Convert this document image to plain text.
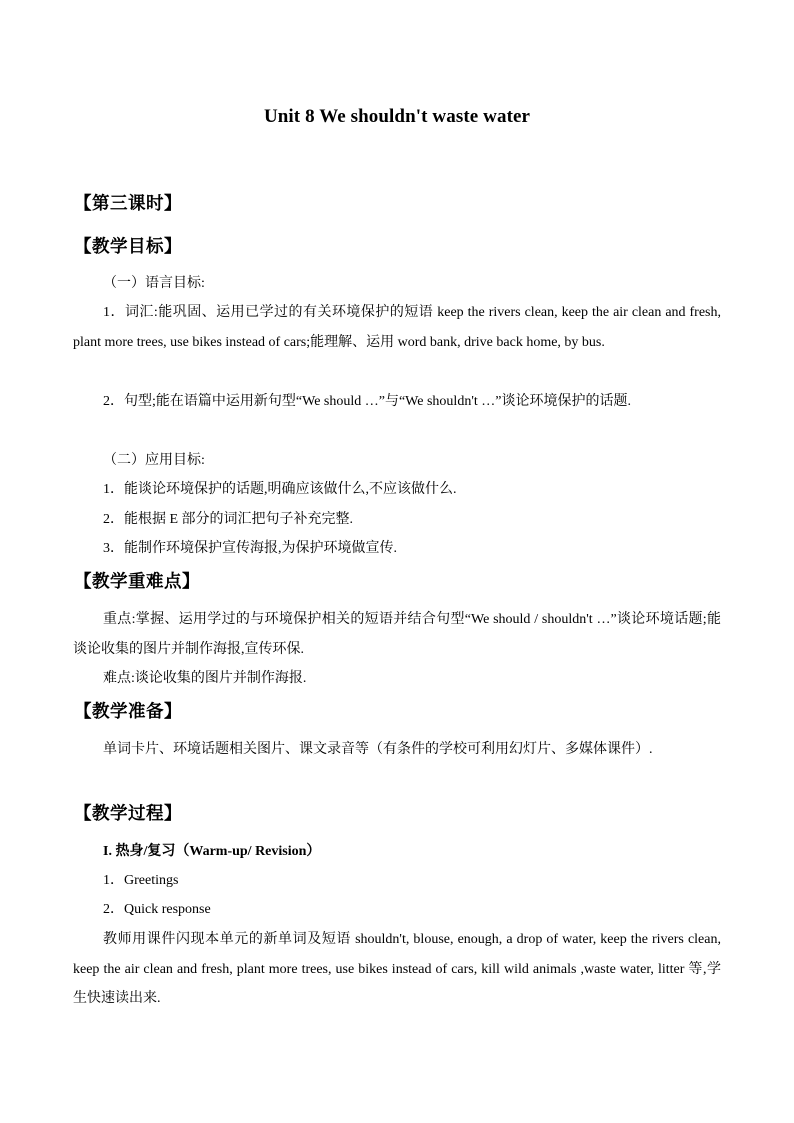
Unit 8 We shouldn't waste water
【第三课时】
【教学目标】
（一）语言目标:
1．词汇:能巩固、运用已学过的有关环境保护的短语 keep the rivers clean, keep the air clean and fresh, plant more trees, use bikes instead of cars;能理解、运用 word bank, drive back home, by bus.
2．句型;能在语篇中运用新句型“We should …”与“We shouldn't …”谈论环境保护的话题.
（二）应用目标:
1．能谈论环境保护的话题,明确应该做什么,不应该做什么.
2．能根据 E 部分的词汇把句子补充完整.
3．能制作环境保护宣传海报,为保护环境做宣传.
【教学重难点】
重点:掌握、运用学过的与环境保护相关的短语并结合句型“We should / shouldn't …”谈论环境话题;能谈论收集的图片并制作海报,宣传环保.
难点:谈论收集的图片并制作海报.
【教学准备】
单词卡片、环境话题相关图片、课文录音等（有条件的学校可利用幻灯片、多媒体课件）.
【教学过程】
I. 热身/复习（Warm-up/ Revision）
1．Greetings
2．Quick response
教师用课件闪现本单元的新单词及短语 shouldn't, blouse, enough, a drop of water, keep the rivers clean, keep the air clean and fresh, plant more trees, use bikes instead of cars, kill wild animals ,waste water, litter 等,学生快速读出来.
